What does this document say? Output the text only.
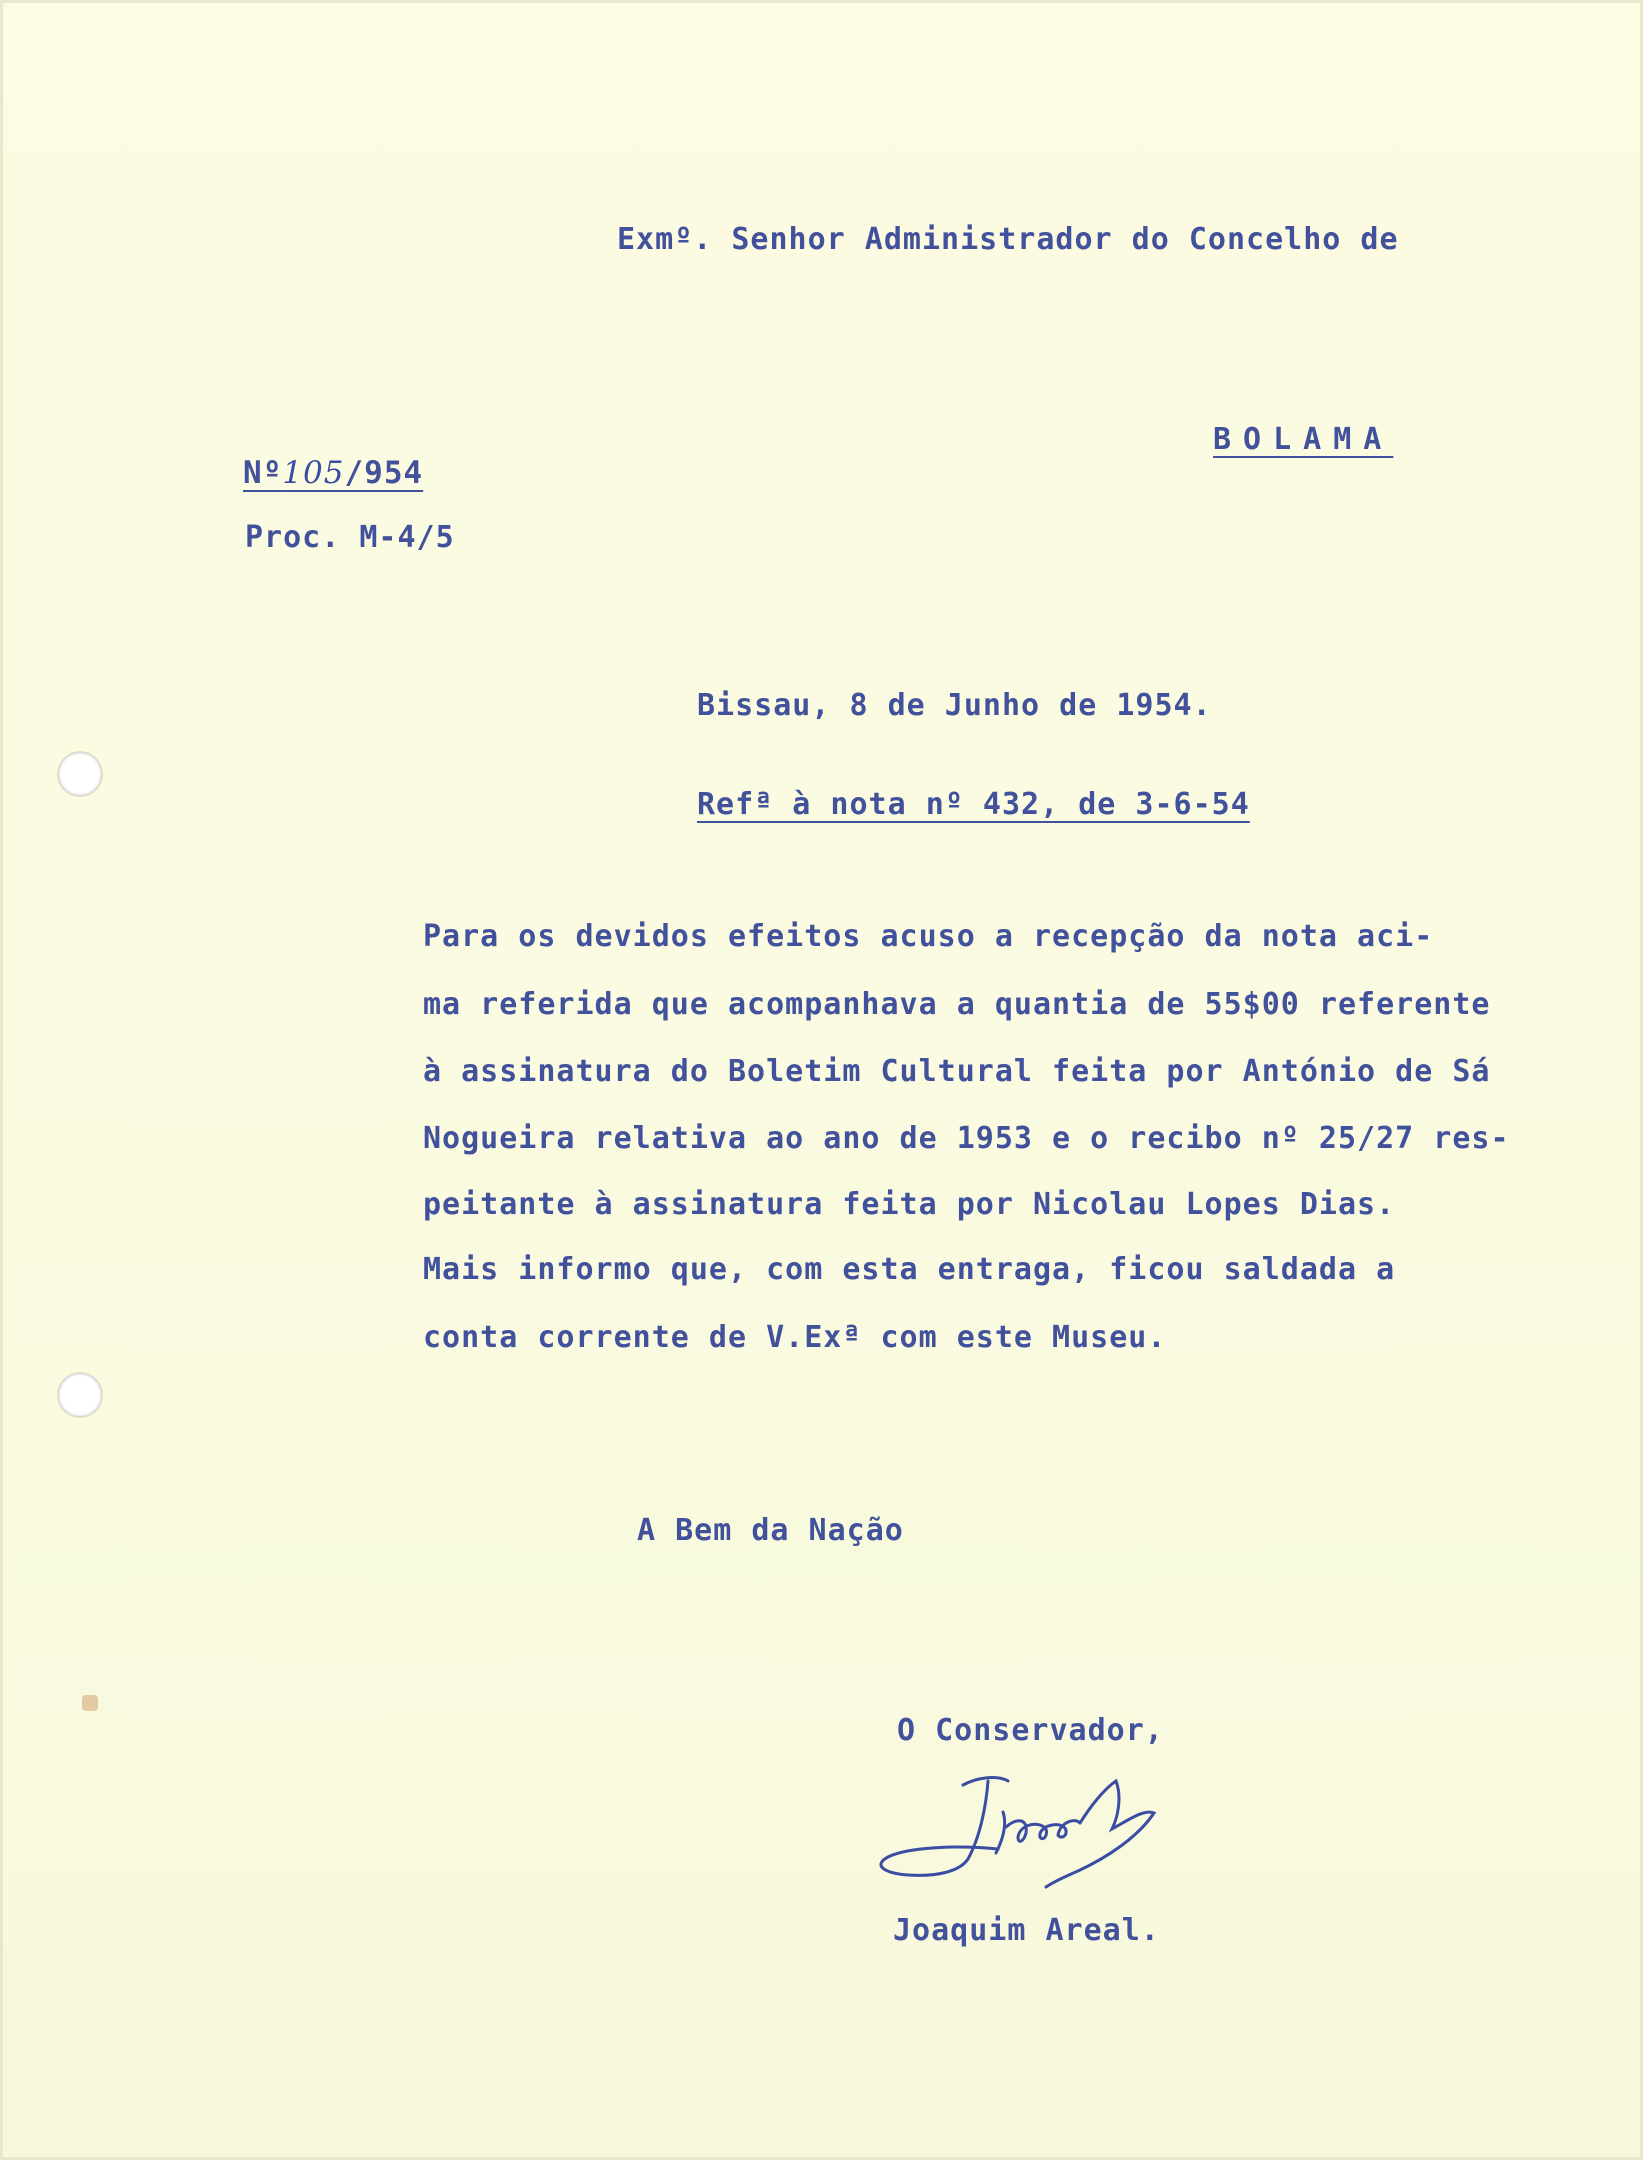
Exmº. Senhor Administrador do Concelho de
BOLAMA
Nº105/954
Proc. M-4/5
Bissau, 8 de Junho de 1954.
Refª à nota nº 432, de 3-6-54
Para os devidos efeitos acuso a recepção da nota aci-
ma referida que acompanhava a quantia de 55$00 referente
à assinatura do Boletim Cultural feita por António de Sá
Nogueira relativa ao ano de 1953 e o recibo nº 25/27 res-
peitante à assinatura feita por Nicolau Lopes Dias.
Mais informo que, com esta entraga, ficou saldada a
conta corrente de V.Exª com este Museu.
A Bem da Nação
O Conservador,
Joaquim Areal.
